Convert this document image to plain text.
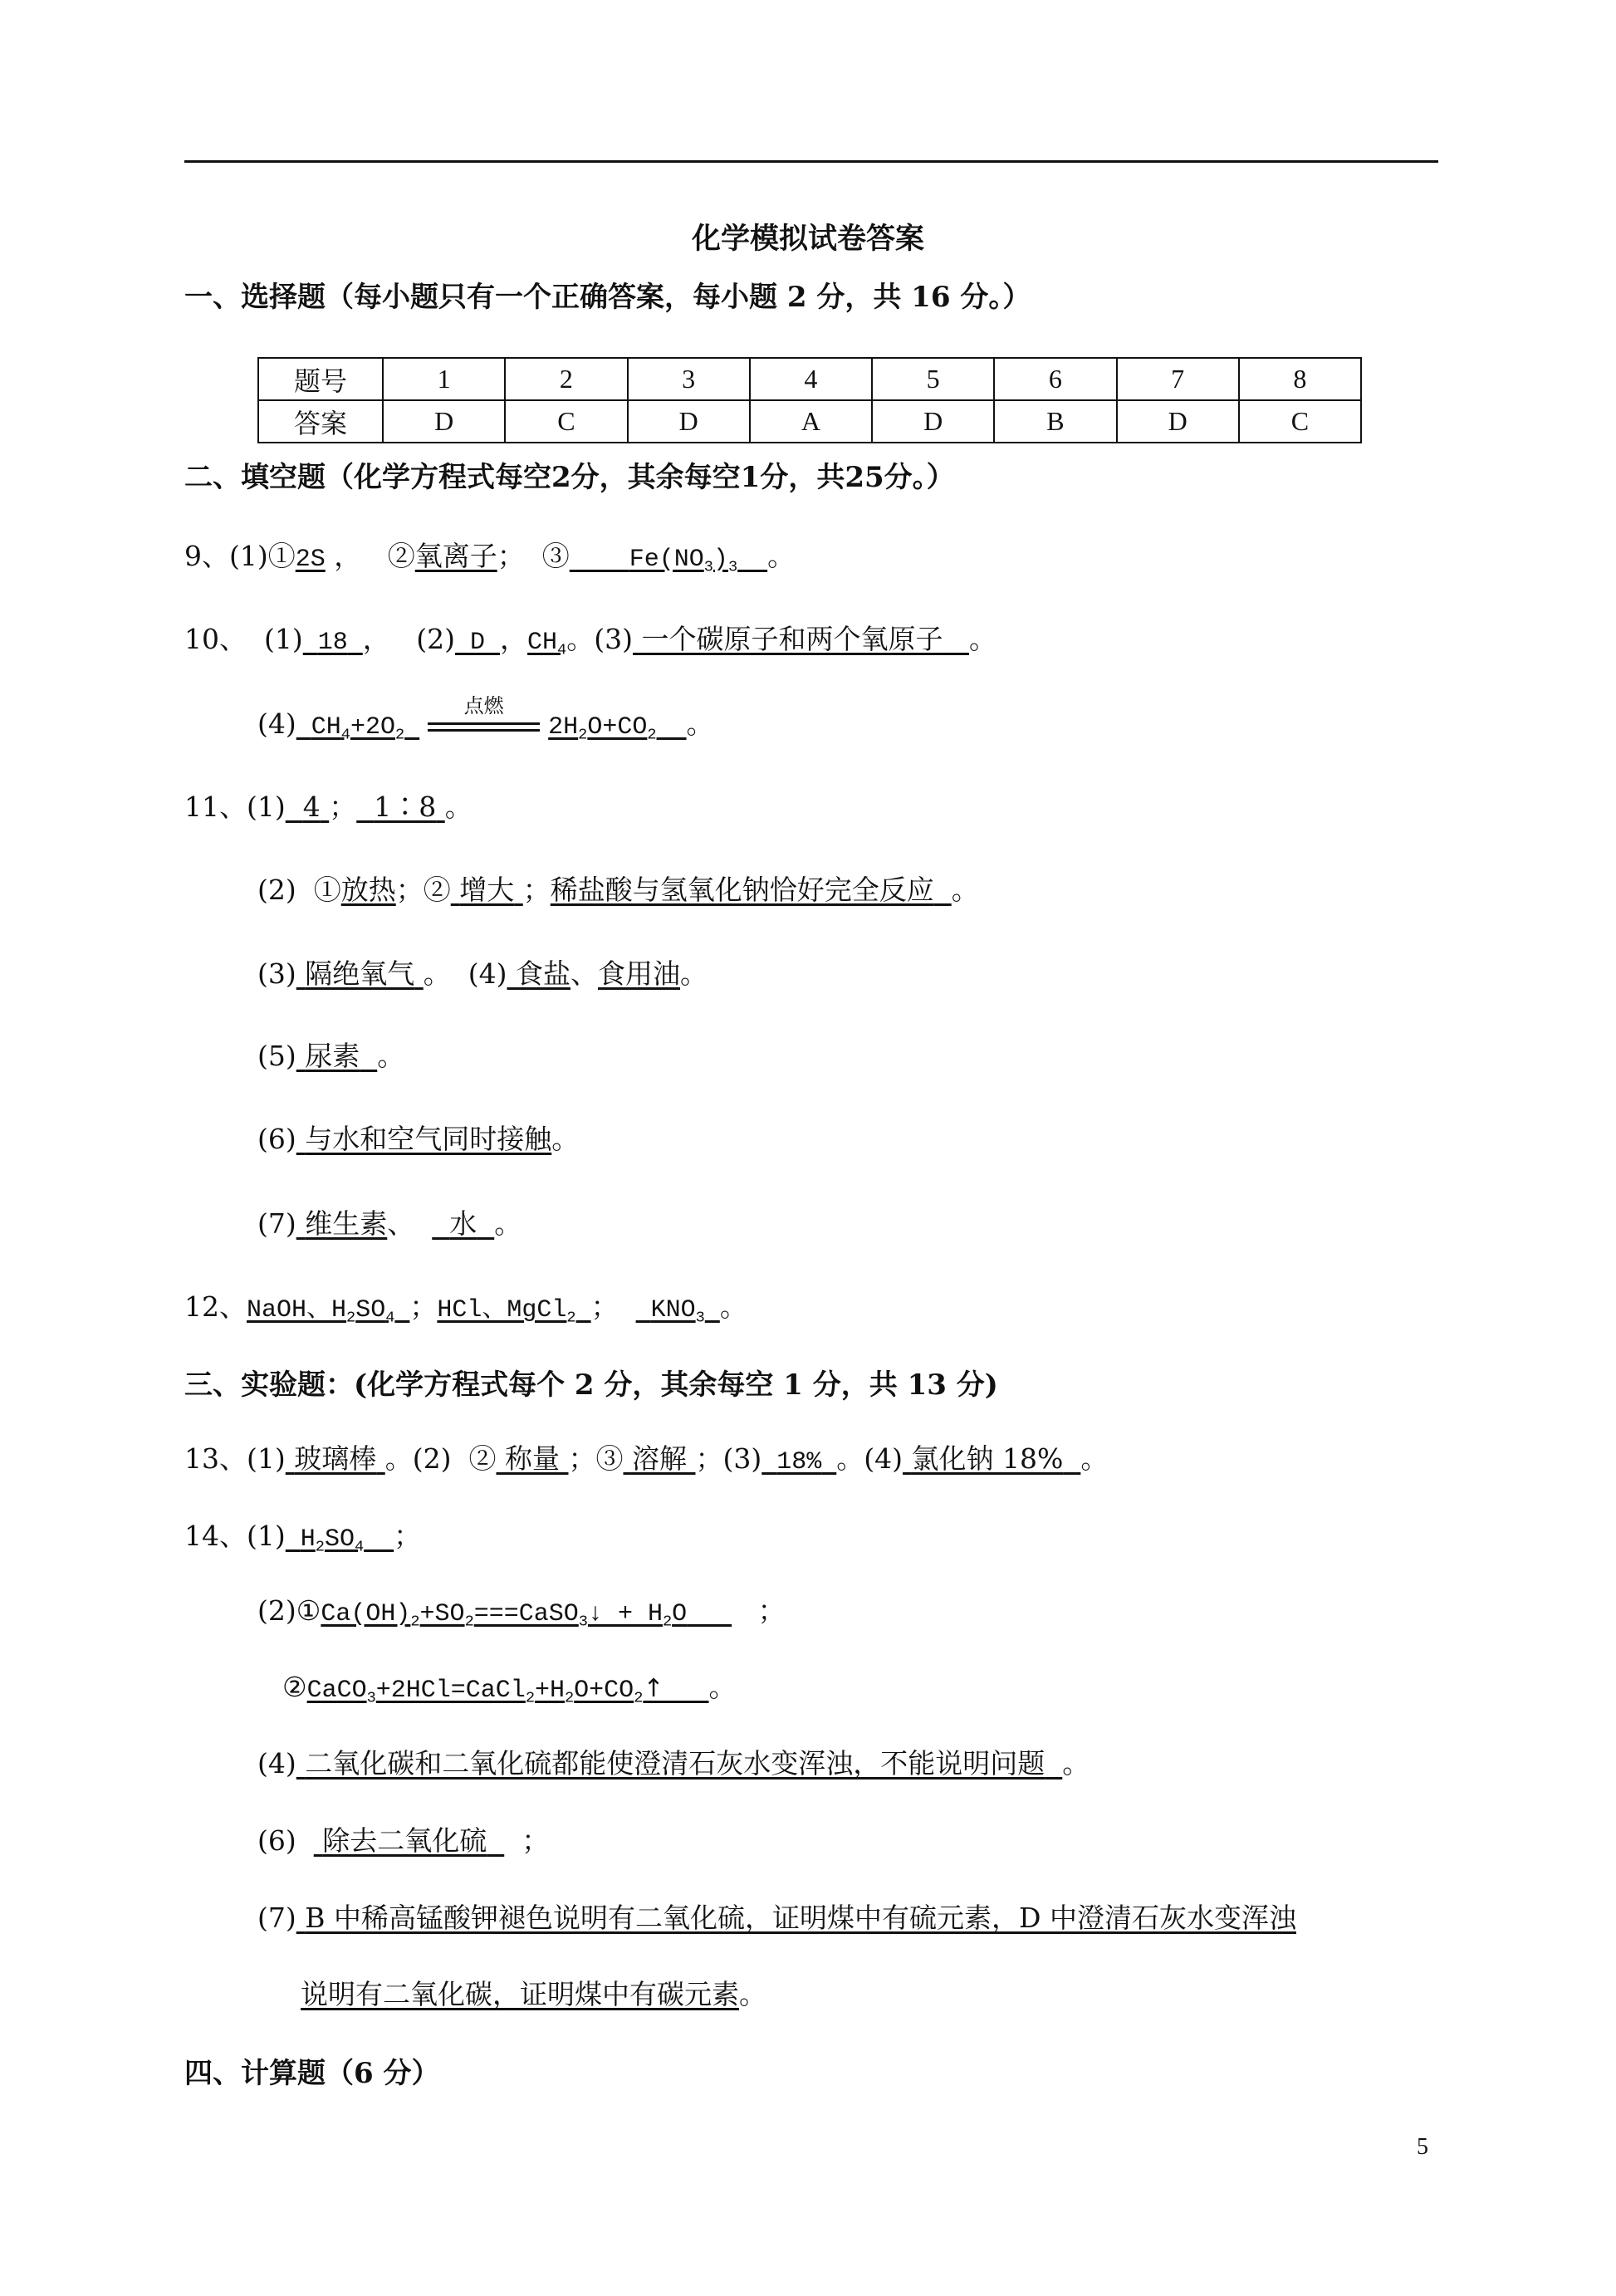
化学模拟试卷答案
一、选择题（每小题只有一个正确答案，每小题 2 分，共 16 分。）
题号	1	2	3	4	5	6	7	8
答案	D	C	D	A	D	B	D	C
二、填空题（化学方程式每空2分，其余每空1分，共25分。）
9、(1)①2S ，   ②氧离子；  ③ $Fe(NO_3)_3$ 。
10、  (1) 18 ，   (2) D ，$CH_4$。(3) 一个碳原子和两个氧原子 。
(4) $CH_4+2O_2$
点燃
$2H_2O+CO_2$ 。
11、(1) 4 ； 1∶8 。
(2)  ①放热；② 增大 ；稀盐酸与氢氧化钠恰好完全反应 。
(3) 隔绝氧气 。  (4) 食盐、食用油。
(5) 尿素 。
(6) 与水和空气同时接触。
(7) 维生素、    水 。
12、NaOH、$H_2SO_4$ ；HCl、MgCl$_2$ ；   $KNO_3$ 。
三、实验题：(化学方程式每个 2 分，其余每空 1 分，共 13 分)
13、(1) 玻璃棒 。(2)  ② 称量 ；③ 溶解 ；(3) 18% 。(4) 氯化钠 18% 。
14、(1) $H_2SO_4$ ；
$(2)①Ca(OH)_2+SO_2===CaSO_3↓ + H_2O$	；
$②CaCO_3+2HCl=CaCl_2+H_2O+CO_2↑$ 。
(4) 二氧化碳和二氧化硫都能使澄清石灰水变浑浊，不能说明问题 。
(6) 除去二氧化硫 ；
(7) B 中稀高锰酸钾褪色说明有二氧化硫，证明煤中有硫元素，D 中澄清石灰水变浑浊
说明有二氧化碳，证明煤中有碳元素。
四、计算题（6 分）
5
